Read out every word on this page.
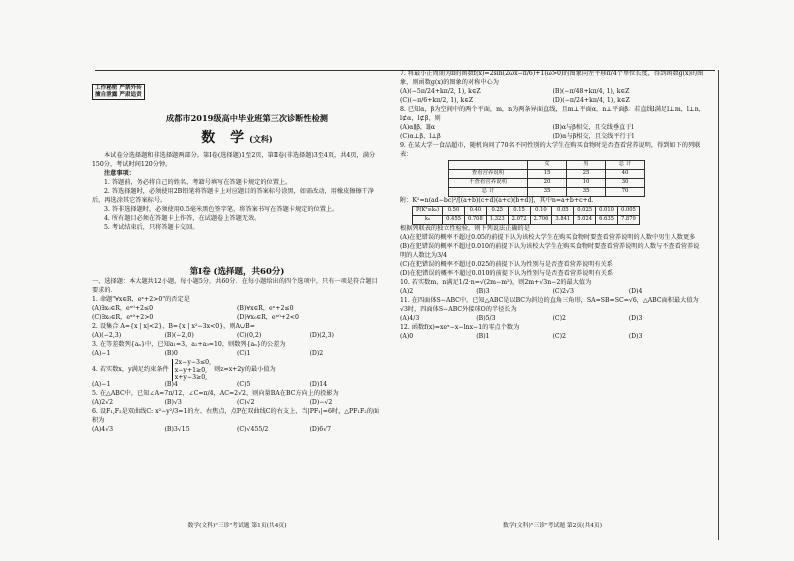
工作秘密 严禁外传
擅自泄露 严肃追责
成都市2019级高中毕业班第三次诊断性检测
数 学(文科)

本试卷分选择题和非选择题两部分。第Ⅰ卷(选择题)1至2页，第Ⅱ卷(非选择题)3至4页，共4页，满分150分，考试时间120分钟。

注意事项：

1. 答题前，务必将自己的姓名、考籍号填写在答题卡规定的位置上。

2. 答选择题时，必须使用2B铅笔将答题卡上对应题目的答案标号涂黑，如需改动，用橡皮擦擦干净后，再选涂其它答案标号。

3. 答非选择题时，必须使用0.5毫米黑色签字笔，将答案书写在答题卡规定的位置上。

4. 所有题目必须在答题卡上作答，在试题卷上答题无效。

5. 考试结束后，只将答题卡交回。

第Ⅰ卷 (选择题，共60分)

一、选择题：本大题共12小题，每小题5分，共60分．在每小题给出的四个选项中，只有一项是符合题目要求的．

1. 命题"∀x∈R，eˣ+2>0"的否定是

(A)∃x₀∈R，eˣ⁰+2≤0	(B)∀x∈R，eˣ+2≤0
(C)∃x₀∈R，eˣ⁰+2>0	(D)∀x₀∈R，eˣ⁰+2<0

2. 设集合 A={x | x|<2}，B={x | x²−3x<0}，则A∪B=

(A)(−2,3)	(B)(−2,0)	(C)(0,2)	(D)(2,3)

3. 在等差数列{aₙ}中，已知a₁=3，a₂+a₃=10，则数列{aₙ}的公差为

(A)−1	(B)0	(C)1	(D)2
4. 若实数x，y满足约束条件
2x−y−3≤0,
x−y+1≥0,
x+y−3≥0,
则z=x+2y的最小值为
(A)−1	(B)4	(C)5	(D)14

5. 在△ABC中，已知∠A=7π/12，∠C=π/4，AC=2√2，则向量BA在BC方向上的投影为

(A)2√2	(B)√3	(C)√2	(D)−√2

6. 设F₁,F₂是双曲线C: x²−y²/3=1的左、右焦点，点P在双曲线C的右支上，当|PF₁|=6时，△PF₁F₂的面积为

(A)4√3	(B)3√15	(C)√455/2	(D)6√7
数学(文科)"三诊"考试题 第1页(共4页)

7. 将最小正周期为π的函数f(x)=2sin(2ωx−π/6)+1(ω>0)的图象向左平移π/4个单位长度，得到函数g(x)的图象，则函数g(x)的图象的对称中心为

(A)(−5π/24+kπ/2, 1), k∈Z	(B)(−π/48+kπ/4, 1), k∈Z
(C)(−π/6+kπ/2, 1), k∈Z	(D)(−π/24+kπ/4, 1), k∈Z

8. 已知α，β为空间中的两个平面，m，n为两条异面直线，且m⊥平面α，n⊥平面β．若直线l满足l⊥m，l⊥n，l⊄α，l⊄β，则

(A)α∥β，l∥α	(B)α与β相交，且交线垂直于l
(C)α⊥β，l⊥β	(D)α与β相交，且交线平行于l

9. 在某大学一食品超市，随机询问了70名不同性别的大学生在购买食物时是否查看营养说明，得到如下的列联表：

	女	男	总 计
查看营养说明	15	25	40
不查看营养说明	20	10	30
总 计	35	35	70

附：K²=n(ad−bc)²/[(a+b)(c+d)(a+c)(b+d)]，其中n=a+b+c+d．

P(K²≥k₀)	0.50	0.40	0.25	0.15	0.10	0.05	0.025	0.010	0.005
k₀	0.455	0.708	1.323	2.072	2.706	3.841	5.024	6.635	7.879

根据列联表的独立性检验，则下列说法正确的是

(A)在犯错误的概率不超过0.05的前提下认为该校大学生在购买食物时要查看营养说明的人数中男生人数更多

(B)在犯错误的概率不超过0.010的前提下认为该校大学生在购买食物时要查看营养说明的人数与不查看营养说明的人数比为3/4

(C)在犯错误的概率不超过0.025的前提下认为性别与是否查看营养说明有关系

(D)在犯错误的概率不超过0.010的前提下认为性别与是否查看营养说明有关系

10. 若实数m，n满足1/2·n=√(2m−m²)，则2m+√3n−2的最大值为

(A)2	(B)3	(C)2√3	(D)4

11. 在四面体S−ABC中，已知△ABC是以BC为斜边的直角三角形，SA=SB=SC=√6，△ABC面积最大值为√3时，四面体S−ABC外接球O的半径长为

(A)4/3	(B)5/3	(C)2	(D)3

12. 函数f(x)=xeˣ−x−lnx−1的零点个数为

(A)0	(B)1	(C)2	(D)3
数学(文科)"三诊"考试题 第2页(共4页)
